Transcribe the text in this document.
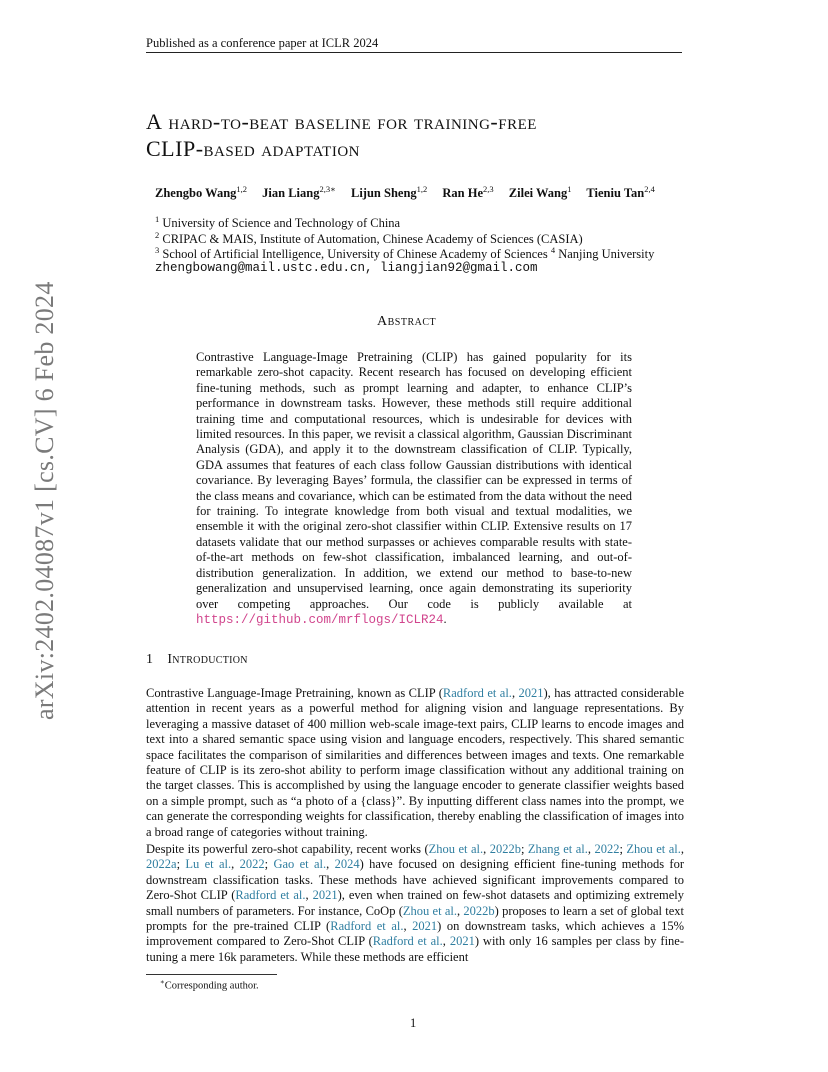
Published as a conference paper at ICLR 2024
A hard-to-beat baseline for training-free
CLIP-based adaptation
Zhengbo Wang$^{1,2}$ Jian Liang$^{2,3∗}$ Lijun Sheng$^{1,2}$ Ran He$^{2,3}$ Zilei Wang$^1$ Tieniu Tan$^{2,4}$
$^1$ University of Science and Technology of China
$^2$ CRIPAC & MAIS, Institute of Automation, Chinese Academy of Sciences (CASIA)
$^3$ School of Artificial Intelligence, University of Chinese Academy of Sciences $^4$ Nanjing University
zhengbowang@mail.ustc.edu.cn, liangjian92@gmail.com
Abstract
Contrastive Language-Image Pretraining (CLIP) has gained popularity for its remarkable zero-shot capacity. Recent research has focused on developing efficient fine-tuning methods, such as prompt learning and adapter, to enhance CLIP’s performance in downstream tasks. However, these methods still require additional training time and computational resources, which is undesirable for devices with limited resources. In this paper, we revisit a classical algorithm, Gaussian Discriminant Analysis (GDA), and apply it to the downstream classification of CLIP. Typically, GDA assumes that features of each class follow Gaussian distributions with identical covariance. By leveraging Bayes’ formula, the classifier can be expressed in terms of the class means and covariance, which can be estimated from the data without the need for training. To integrate knowledge from both visual and textual modalities, we ensemble it with the original zero-shot classifier within CLIP. Extensive results on 17 datasets validate that our method surpasses or achieves comparable results with state-of-the-art methods on few-shot classification, imbalanced learning, and out-of-distribution generalization. In addition, we extend our method to base-to-new generalization and unsupervised learning, once again demonstrating its superiority over competing approaches. Our code is publicly available at https://github.com/mrflogs/ICLR24.
1 Introduction
Contrastive Language-Image Pretraining, known as CLIP (Radford et al., 2021), has attracted considerable attention in recent years as a powerful method for aligning vision and language representations. By leveraging a massive dataset of 400 million web-scale image-text pairs, CLIP learns to encode images and text into a shared semantic space using vision and language encoders, respectively. This shared semantic space facilitates the comparison of similarities and differences between images and texts. One remarkable feature of CLIP is its zero-shot ability to perform image classification without any additional training on the target classes. This is accomplished by using the language encoder to generate classifier weights based on a simple prompt, such as “a photo of a {class}”. By inputting different class names into the prompt, we can generate the corresponding weights for classification, thereby enabling the classification of images into a broad range of categories without training.
Despite its powerful zero-shot capability, recent works (Zhou et al., 2022b; Zhang et al., 2022; Zhou et al., 2022a; Lu et al., 2022; Gao et al., 2024) have focused on designing efficient fine-tuning methods for downstream classification tasks. These methods have achieved significant improvements compared to Zero-Shot CLIP (Radford et al., 2021), even when trained on few-shot datasets and optimizing extremely small numbers of parameters. For instance, CoOp (Zhou et al., 2022b) proposes to learn a set of global text prompts for the pre-trained CLIP (Radford et al., 2021) on downstream tasks, which achieves a 15% improvement compared to Zero-Shot CLIP (Radford et al., 2021) with only 16 samples per class by fine-tuning a mere 16k parameters. While these methods are efficient
∗Corresponding author.
1
arXiv:2402.04087v1 [cs.CV] 6 Feb 2024
